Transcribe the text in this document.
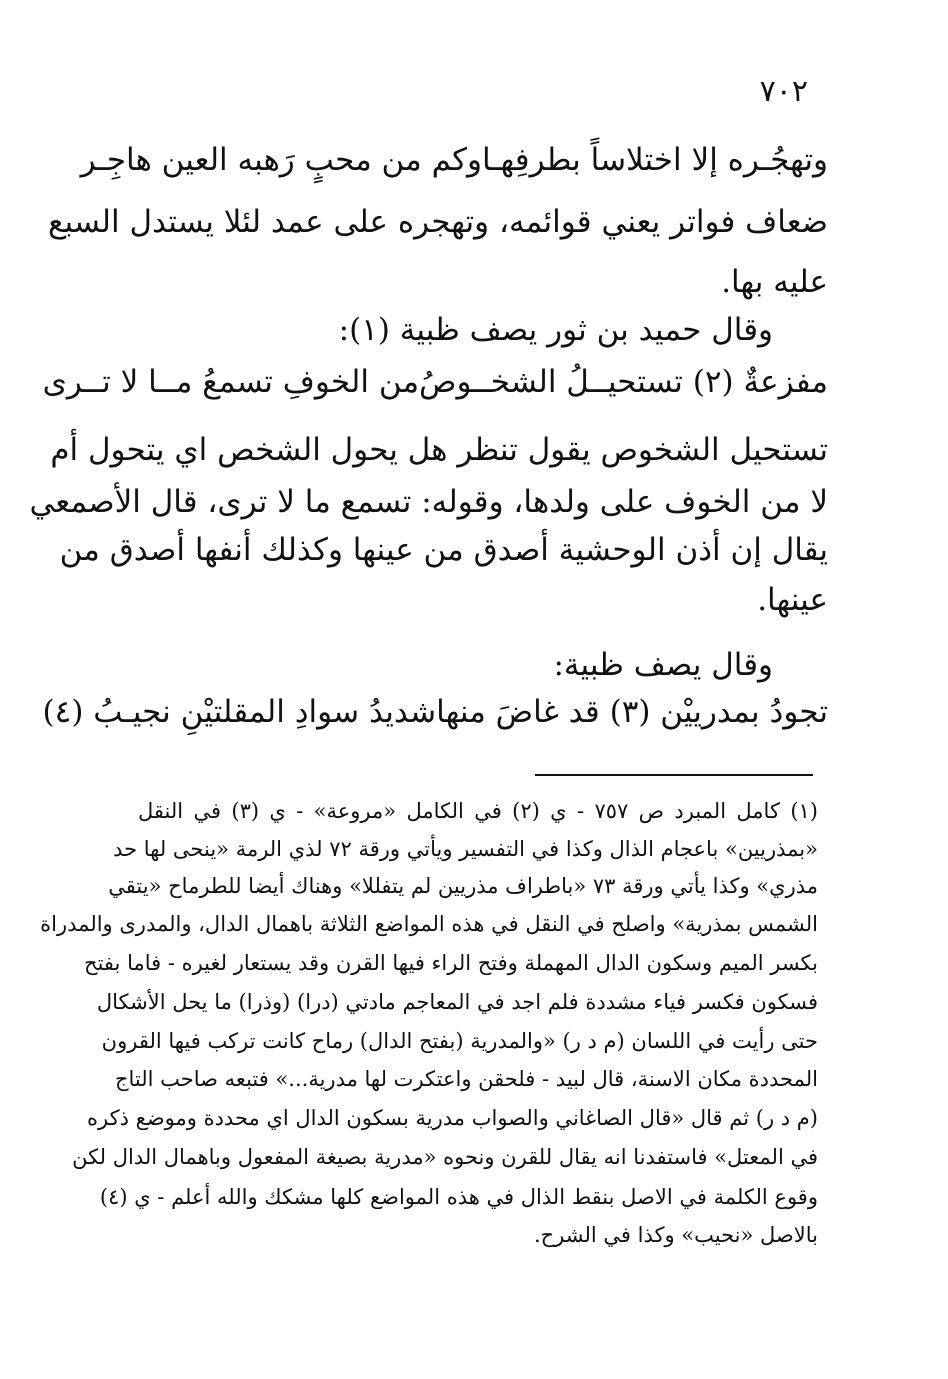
٧٠٢
وتهجُـره إلا اختلاساً بطرفِهـا
وكم من محبٍ رَهبه العين هاجِـر
ضعاف فواتر يعني قوائمه، وتهجره على عمد لئلا يستدل السبع
عليه بها.
وقال حميد بن ثور يصف ظبية (١):
مفزعةٌ (٢) تستحيــلُ الشخــوصُ
من الخوفِ تسمعُ مــا لا تــرى
تستحيل الشخوص يقول تنظر هل يحول الشخص اي يتحول أم
لا من الخوف على ولدها، وقوله: تسمع ما لا ترى، قال الأصمعي
يقال إن أذن الوحشية أصدق من عينها وكذلك أنفها أصدق من
عينها.
وقال يصف ظبية:
تجودُ بمدرييْن (٣) قد غاضَ منها
شديدُ سوادِ المقلتيْنِ نجيـبُ (٤)
(١) كامل المبرد ص ٧٥٧ - ي (٢) في الكامل «مروعة» - ي (٣) في النقل
«بمذريين» باعجام الذال وكذا في التفسير ويأتي ورقة ٧٢ لذي الرمة «ينحى لها حد
مذري» وكذا يأتي ورقة ٧٣ «باطراف مذريين لم يتفللا» وهناك أيضا للطرماح «يتقي
الشمس بمذرية» واصلح في النقل في هذه المواضع الثلاثة باهمال الدال، والمدرى والمدراة
بكسر الميم وسكون الدال المهملة وفتح الراء فيها القرن وقد يستعار لغيره - فاما بفتح
فسكون فكسر فياء مشددة فلم اجد في المعاجم مادتي (درا) (وذرا) ما يحل الأشكال
حتى رأيت في اللسان (م د ر) «والمدرية (بفتح الدال) رماح كانت تركب فيها القرون
المحددة مكان الاسنة، قال لبيد - فلحقن واعتكرت لها مدرية...» فتبعه صاحب التاج
(م د ر) ثم قال «قال الصاغاني والصواب مدرية بسكون الدال اي محددة وموضع ذكره
في المعتل» فاستفدنا انه يقال للقرن ونحوه «مدرية بصيغة المفعول وباهمال الدال لكن
وقوع الكلمة في الاصل بنقط الذال في هذه المواضع كلها مشكك والله أعلم - ي (٤)
بالاصل «نحيب» وكذا في الشرح.
